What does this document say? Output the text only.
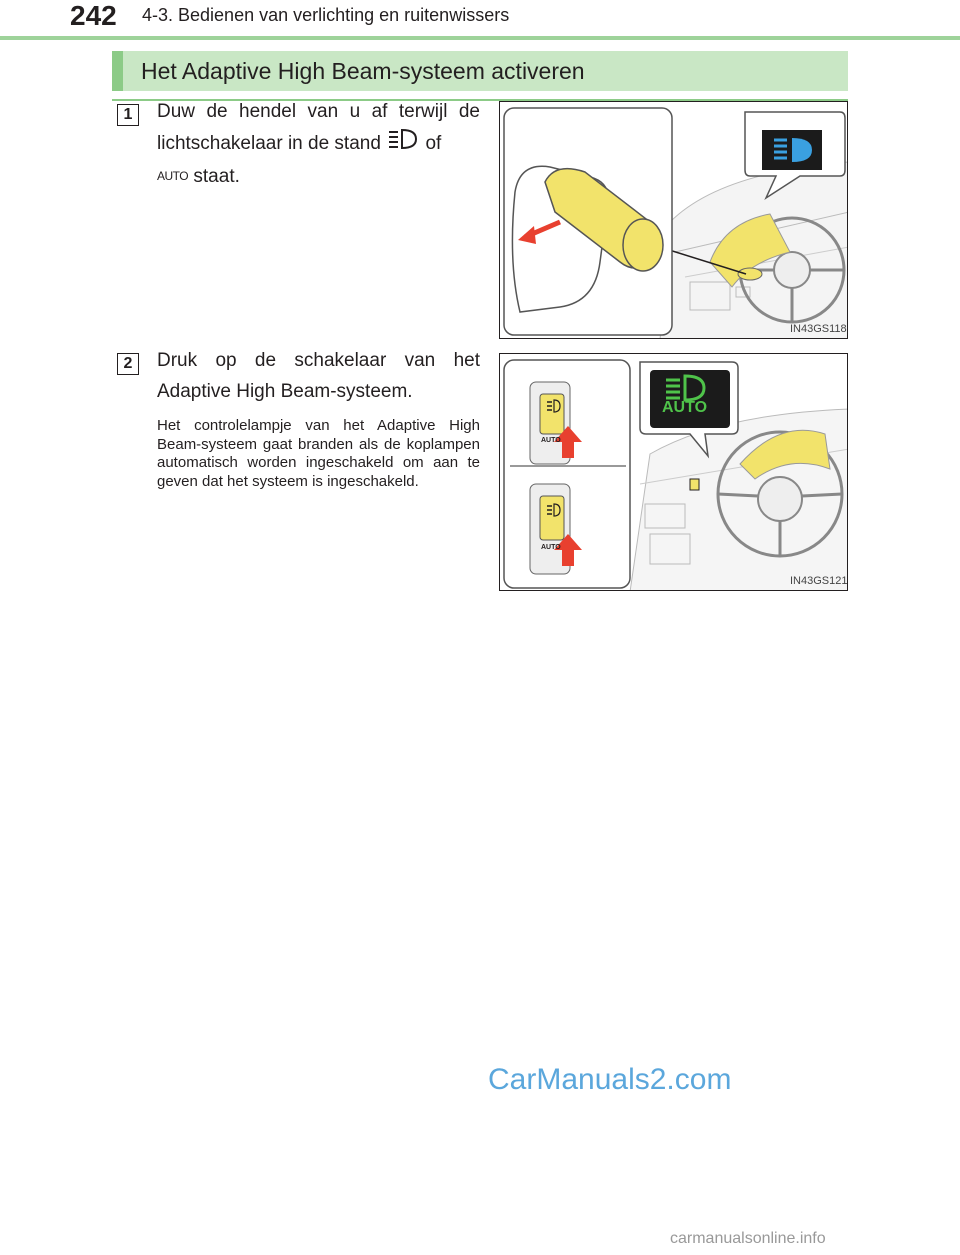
242 4-3. Bedienen van verlichting en ruitenwissers
Het Adaptive High Beam-systeem activeren
1	Duw de hendel van u af terwijl de lichtschakelaar in de stand of
AUTO staat.
IN43GS118
2	Druk op de schakelaar van het Adaptive High Beam-systeem.
Het controlelampje van het Adaptive High Beam-systeem gaat branden als de koplampen automatisch worden ingeschakeld om aan te geven dat het systeem is ingeschakeld.
AUTO
AUTO
AUTO
IN43GS121
CarManuals2.com
carmanualsonline.info
